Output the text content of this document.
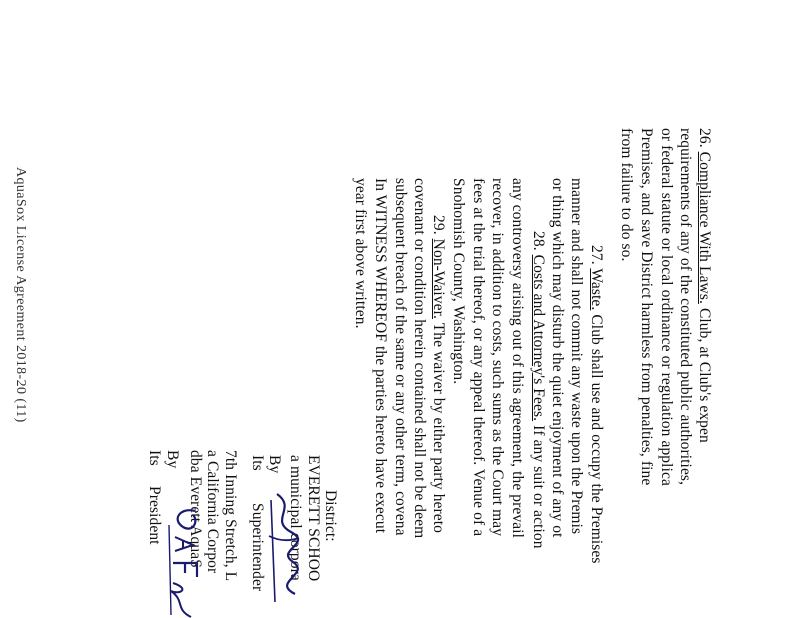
26. Compliance With Laws. Club, at Club's expen
requirements of any of the constituted public authorities,
or federal statute or local ordinance or regulation applica
Premises, and save District harmless from penalties, fine
from failure to do so.
27. Waste. Club shall use and occupy the Premises
manner and shall not commit any waste upon the Premis
or thing which may disturb the quiet enjoyment of any ot
28. Costs and Attorney's Fees. If any suit or action
any controversy arising out of this agreement, the prevail
recover, in addition to costs, such sums as the Court may
fees at the trial thereof, or any appeal thereof. Venue of a
Snohomish County, Washington.
29. Non-Waiver. The waiver by either party hereto
covenant or condition herein contained shall not be deem
subsequent breach of the same or any other term, covena
In WITNESS WHEREOF the parties hereto have execut
year first above written.
District:
EVERETT SCHOO
a municipal corpora
By
Its
Superintender
7th Inning Stretch, L
a California Corpor
dba Everett AquaS
By
Its
President
AquaSox License Agreement 2018-20 (11)
